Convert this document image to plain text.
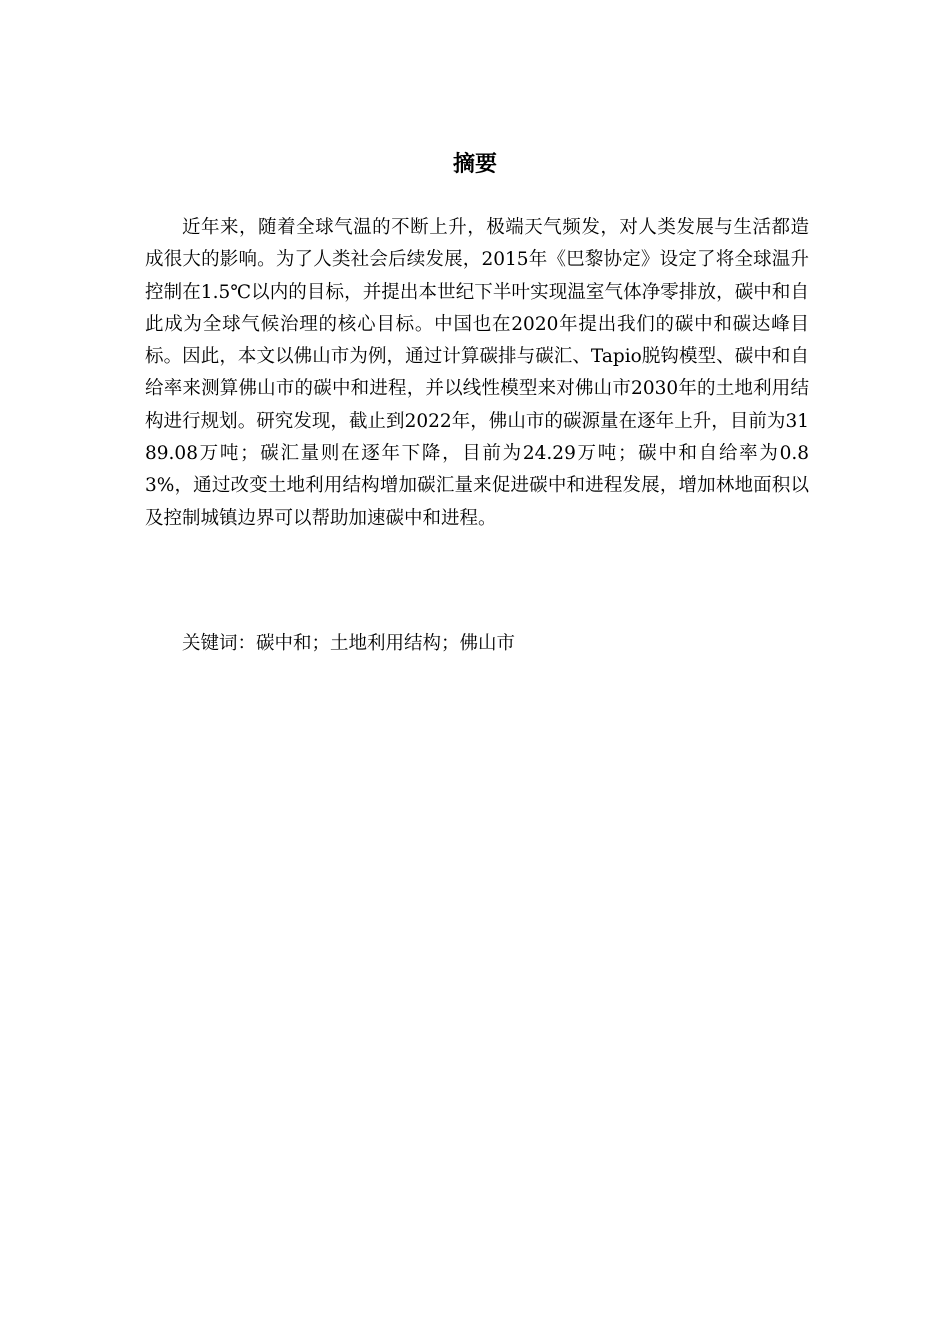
摘要

近年来，随着全球气温的不断上升，极端天气频发，对人类发展与生活都造成很大的影响。为了人类社会后续发展，2015年《巴黎协定》设定了将全球温升控制在1.5℃以内的目标，并提出本世纪下半叶实现温室气体净零排放，碳中和自此成为全球气候治理的核心目标。中国也在2020年提出我们的碳中和碳达峰目标。因此，本文以佛山市为例，通过计算碳排与碳汇、Tapio脱钩模型、碳中和自给率来测算佛山市的碳中和进程，并以线性模型来对佛山市2030年的土地利用结构进行规划。研究发现，截止到2022年，佛山市的碳源量在逐年上升，目前为3189.08万吨；碳汇量则在逐年下降，目前为24.29万吨；碳中和自给率为0.83%，通过改变土地利用结构增加碳汇量来促进碳中和进程发展，增加林地面积以及控制城镇边界可以帮助加速碳中和进程。

关键词：碳中和；土地利用结构；佛山市
